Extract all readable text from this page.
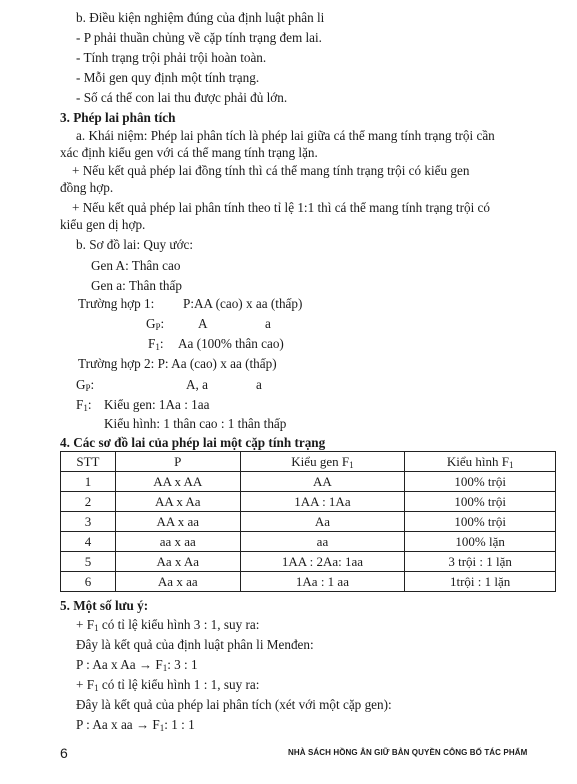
b. Điều kiện nghiệm đúng của định luật phân li
- P phải thuần chủng về cặp tính trạng đem lai.
- Tính trạng trội phải trội hoàn toàn.
- Mỗi gen quy định một tính trạng.
- Số cá thể con lai thu được phải đủ lớn.
3. Phép lai phân tích
a. Khái niệm: Phép lai phân tích là phép lai giữa cá thể mang tính trạng trội cần
xác định kiểu gen với cá thể mang tính trạng lặn.
+ Nếu kết quả phép lai đồng tính thì cá thể mang tính trạng trội có kiểu gen
đồng hợp.
+ Nếu kết quả phép lai phân tính theo tỉ lệ 1:1 thì cá thể mang tính trạng trội có
kiểu gen dị hợp.
b. Sơ đồ lai: Quy ước:
Gen A: Thân cao
Gen a: Thân thấp
Trường hợp 1: P:AA (cao) x aa (thấp)
$G_P$:	A	a
$F_1$: Aa (100% thân cao)
Trường hợp 2: P: Aa (cao) x aa (thấp)
$G_P$:	A, a	a
$F_1$: Kiểu gen: 1Aa : 1aa
Kiểu hình: 1 thân cao : 1 thân thấp
4. Các sơ đồ lai của phép lai một cặp tính trạng
STT	P	Kiểu gen $F_1$	Kiểu hình $F_1$
1	AA x AA	AA	100% trội
2	AA x Aa	1AA : 1Aa	100% trội
3	AA x aa	Aa	100% trội
4	aa x aa	aa	100% lặn
5	Aa x Aa	1AA : 2Aa: 1aa	3 trội : 1 lặn
6	Aa x aa	1Aa : 1 aa	1trội : 1 lặn
5. Một số lưu ý:
+ $F_1$ có tỉ lệ kiểu hình 3 : 1, suy ra:
Đây là kết quả của định luật phân li Menđen:
P : Aa x $Aa \to F_1$: 3 : 1
+ $F_1$ có tỉ lệ kiểu hình 1 : 1, suy ra:
Đây là kết quả của phép lai phân tích (xét với một cặp gen):
P : Aa x aa → $F_1$: 1 : 1
6	NHÀ SÁCH HỒNG ÂN GIỮ BẢN QUYỀN CÔNG BỐ TÁC PHẨM
